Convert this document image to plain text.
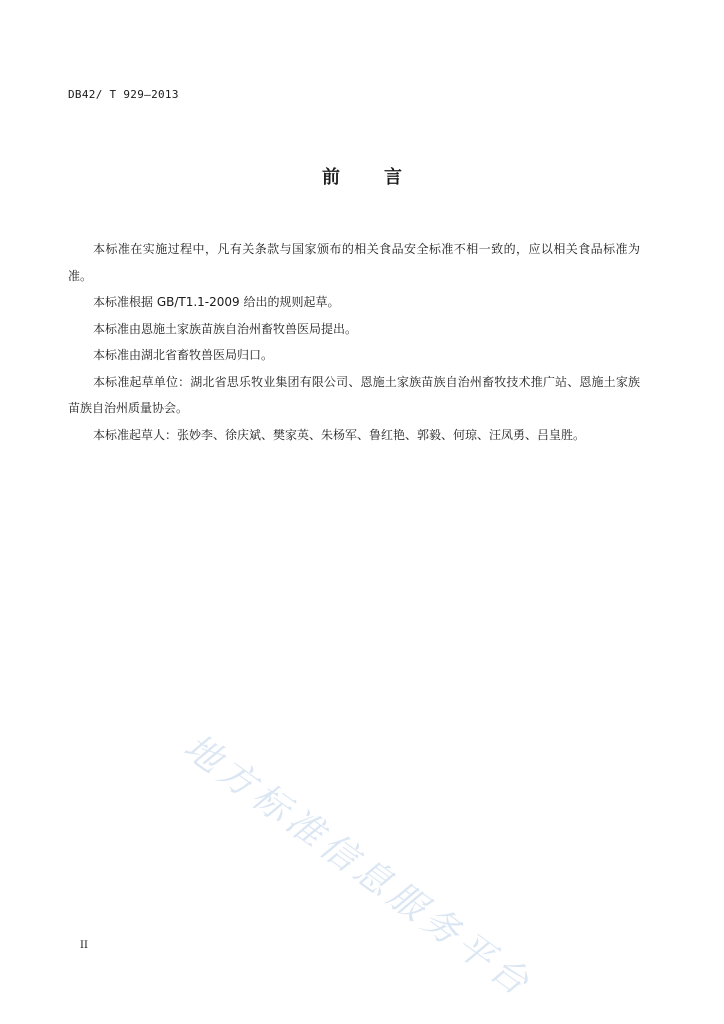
DB42/ T 929—2013
前 言

本标准在实施过程中，凡有关条款与国家颁布的相关食品安全标准不相一致的，应以相关食品标准为准。

本标准根据 GB/T1.1-2009 给出的规则起草。

本标准由恩施土家族苗族自治州畜牧兽医局提出。

本标准由湖北省畜牧兽医局归口。

本标准起草单位：湖北省思乐牧业集团有限公司、恩施土家族苗族自治州畜牧技术推广站、恩施土家族苗族自治州质量协会。

本标准起草人：张妙李、徐庆斌、樊家英、朱杨军、鲁红艳、郭毅、何琼、汪凤勇、吕皇胜。

地方标准信息服务平台
II
